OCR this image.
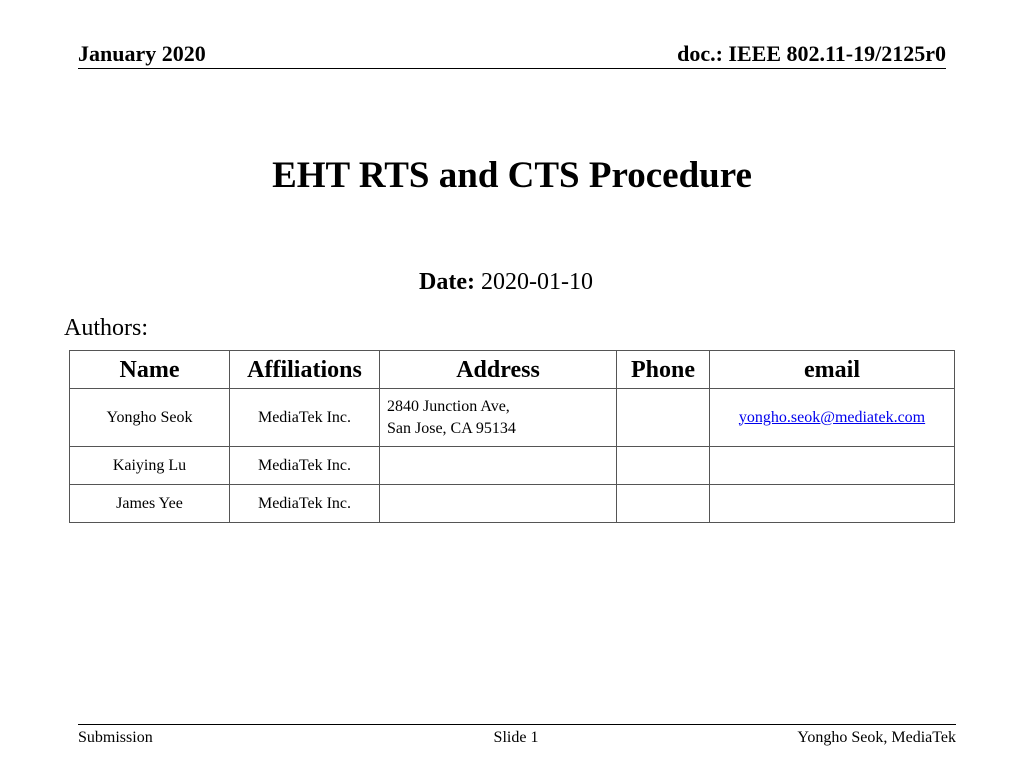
January 2020	doc.: IEEE 802.11-19/2125r0
EHT RTS and CTS Procedure
Date: 2020-01-10
Authors:
Name	Affiliations	Address	Phone	email
Yongho Seok	MediaTek Inc.	2840 Junction Ave,
San Jose, CA 95134		yongho.seok@mediatek.com
Kaiying Lu	MediaTek Inc.	

James Yee	MediaTek Inc.	

Submission	Slide 1	Yongho Seok, MediaTek
